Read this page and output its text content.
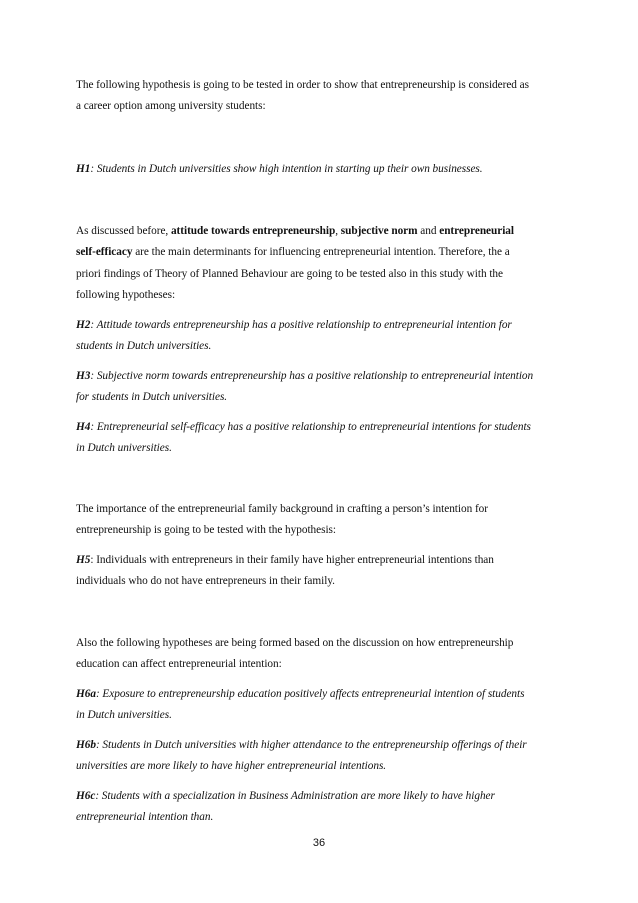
The following hypothesis is going to be tested in order to show that entrepreneurship is considered as
a career option among university students:
H1: Students in Dutch universities show high intention in starting up their own businesses.
As discussed before, attitude towards entrepreneurship, subjective norm and entrepreneurial
self-efficacy are the main determinants for influencing entrepreneurial intention. Therefore, the a
priori findings of Theory of Planned Behaviour are going to be tested also in this study with the
following hypotheses:
H2: Attitude towards entrepreneurship has a positive relationship to entrepreneurial intention for
students in Dutch universities.
H3: Subjective norm towards entrepreneurship has a positive relationship to entrepreneurial intention
for students in Dutch universities.
H4: Entrepreneurial self-efficacy has a positive relationship to entrepreneurial intentions for students
in Dutch universities.
The importance of the entrepreneurial family background in crafting a person’s intention for
entrepreneurship is going to be tested with the hypothesis:
H5: Individuals with entrepreneurs in their family have higher entrepreneurial intentions than
individuals who do not have entrepreneurs in their family.
Also the following hypotheses are being formed based on the discussion on how entrepreneurship
education can affect entrepreneurial intention:
H6a: Exposure to entrepreneurship education positively affects entrepreneurial intention of students
in Dutch universities.
H6b: Students in Dutch universities with higher attendance to the entrepreneurship offerings of their
universities are more likely to have higher entrepreneurial intentions.
H6c: Students with a specialization in Business Administration are more likely to have higher
entrepreneurial intention than.
36
